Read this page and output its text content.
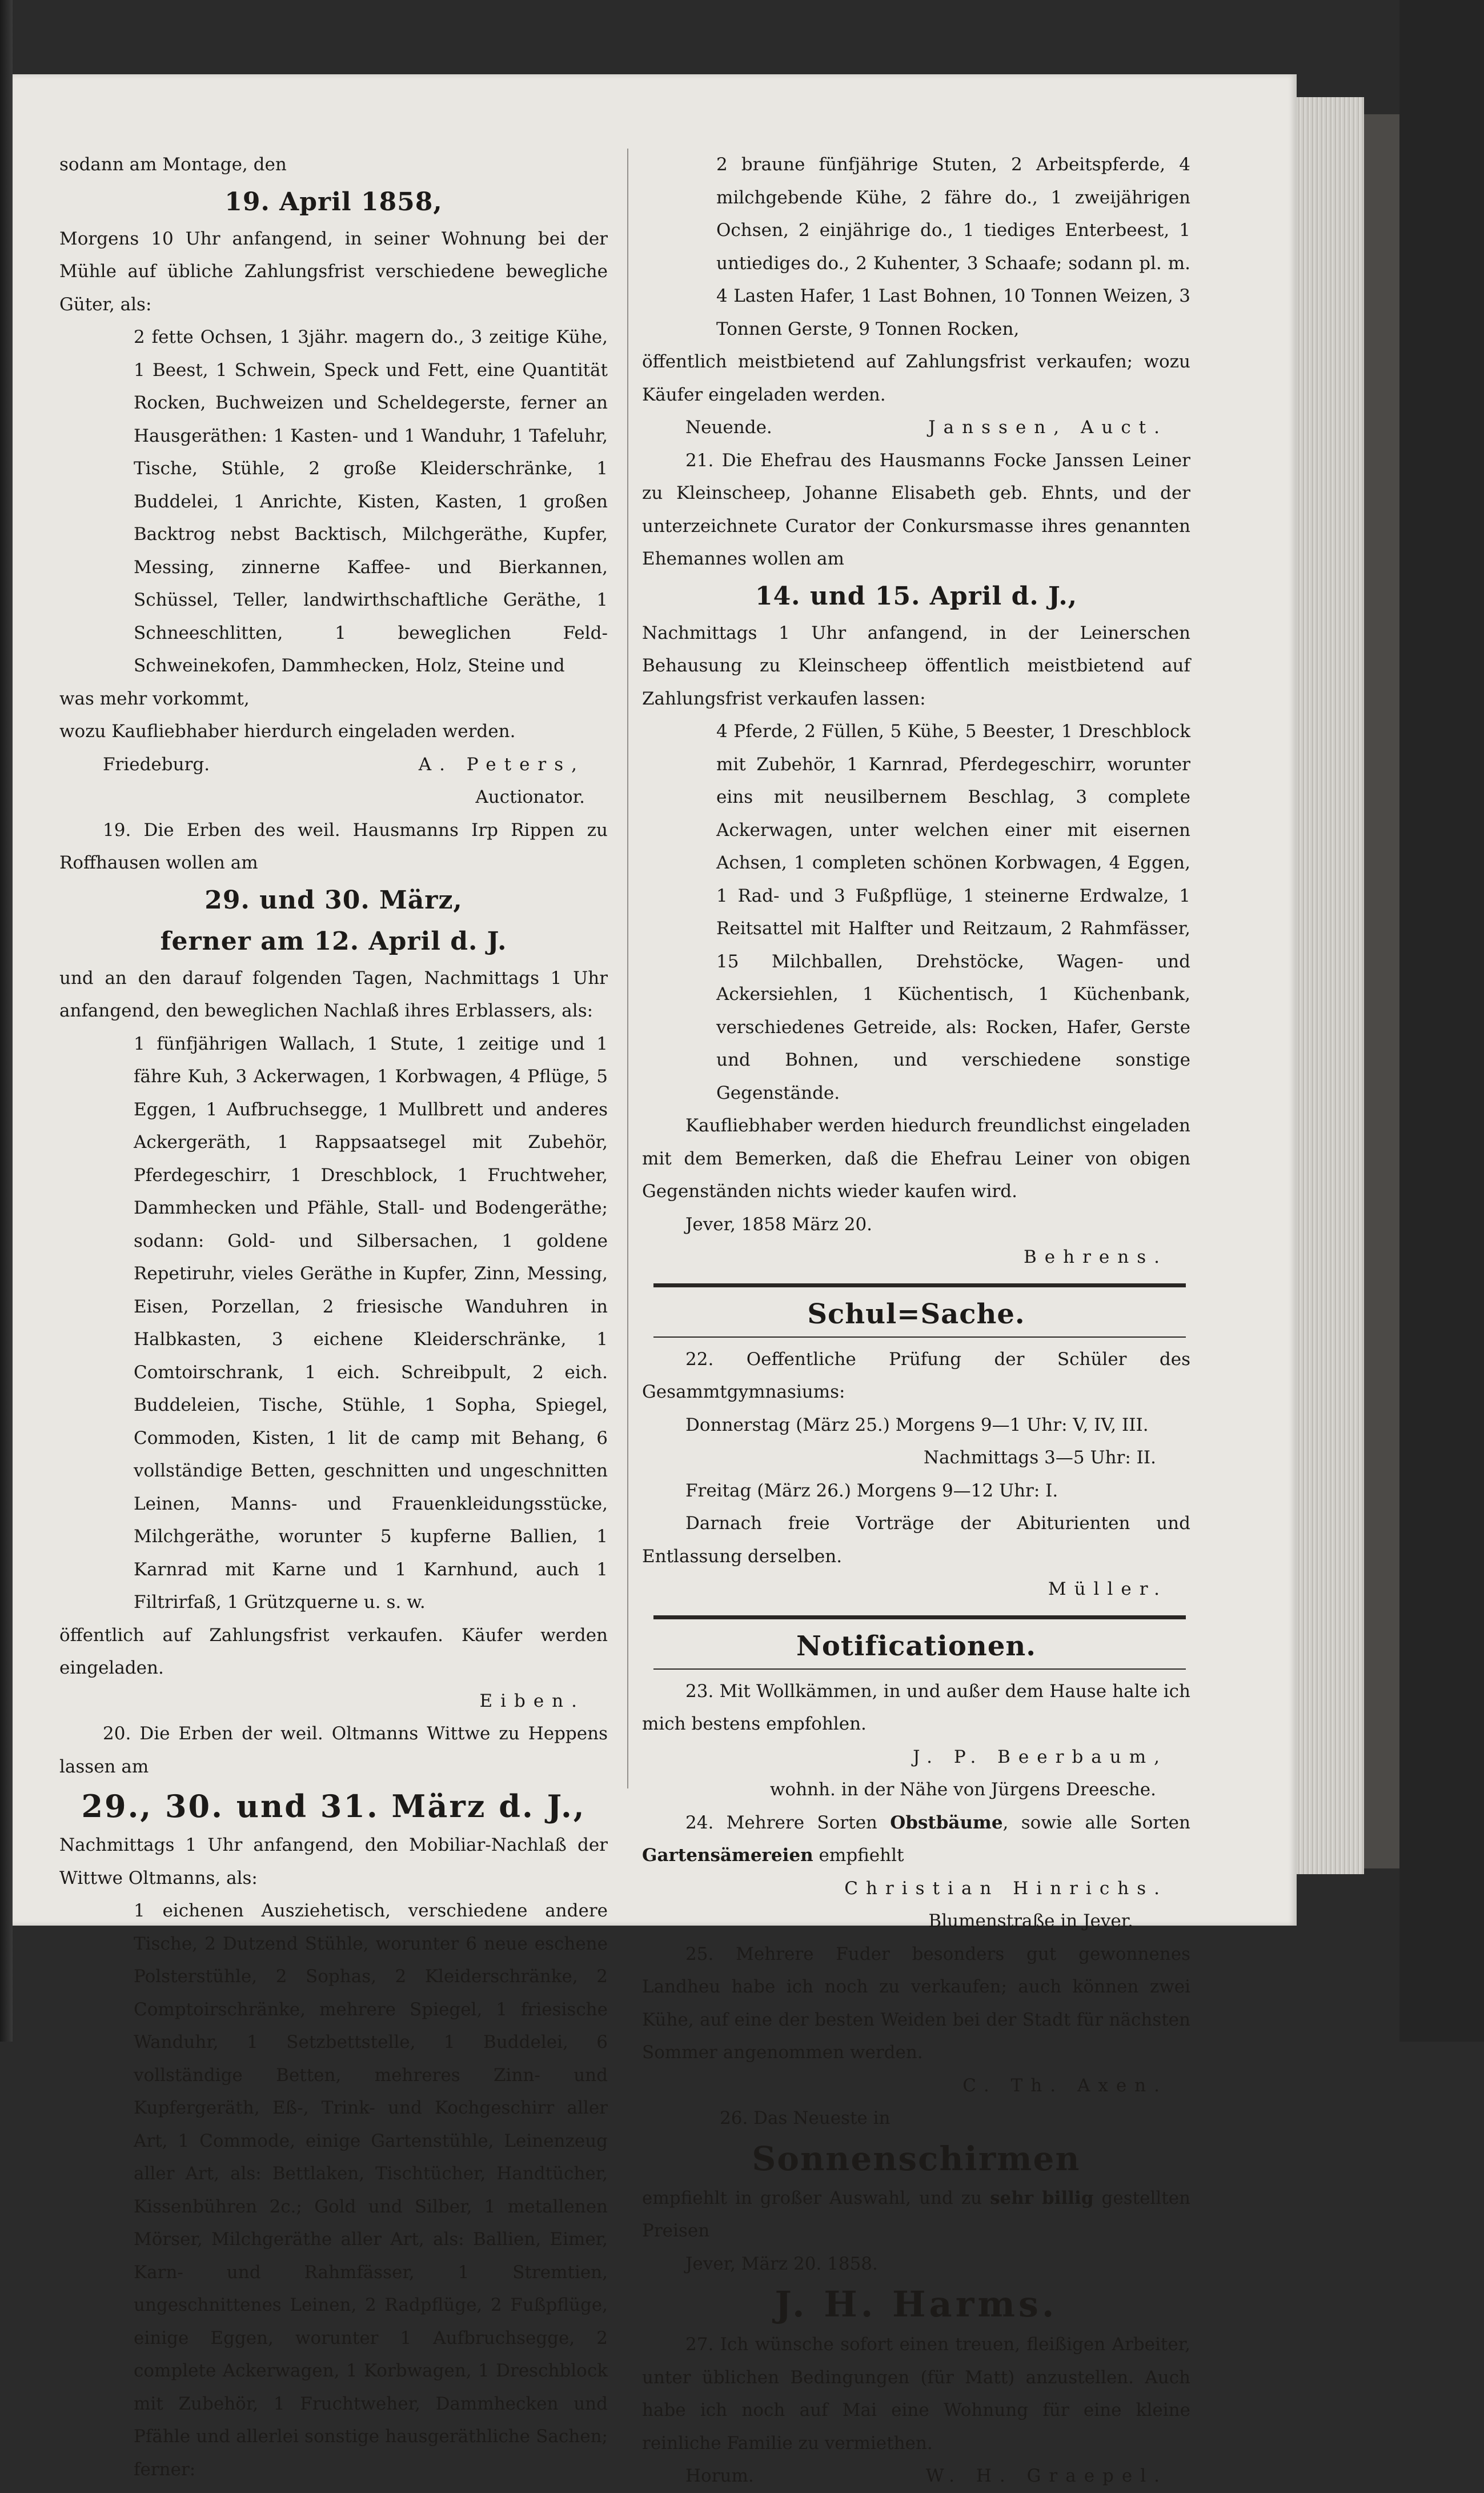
sodann am Montage, den

19. April 1858,

Morgens 10 Uhr anfangend, in seiner Wohnung bei der Mühle auf übliche Zahlungsfrist verschiedene bewegliche Güter, als:

2 fette Ochsen, 1 3jähr. magern do., 3 zeitige Kühe, 1 Beest, 1 Schwein, Speck und Fett, eine Quantität Rocken, Buchweizen und Scheldegerste, ferner an Hausgeräthen: 1 Kasten- und 1 Wanduhr, 1 Tafeluhr, Tische, Stühle, 2 große Kleiderschränke, 1 Buddelei, 1 Anrichte, Kisten, Kasten, 1 großen Backtrog nebst Backtisch, Milchgeräthe, Kupfer, Messing, zinnerne Kaffee- und Bierkannen, Schüssel, Teller, landwirthschaftliche Geräthe, 1 Schneeschlitten, 1 beweglichen Feld-Schweinekofen, Dammhecken, Holz, Steine und

was mehr vorkommt,

wozu Kaufliebhaber hierdurch eingeladen werden.

Friedeburg.	A. Peters,

Auctionator.

19. Die Erben des weil. Hausmanns Irp Rippen zu Roffhausen wollen am

29. und 30. März,

ferner am 12. April d. J.

und an den darauf folgenden Tagen, Nachmittags 1 Uhr anfangend, den beweglichen Nachlaß ihres Erblassers, als:

1 fünfjährigen Wallach, 1 Stute, 1 zeitige und 1 fähre Kuh, 3 Ackerwagen, 1 Korbwagen, 4 Pflüge, 5 Eggen, 1 Aufbruchsegge, 1 Mullbrett und anderes Ackergeräth, 1 Rappsaatsegel mit Zubehör, Pferdegeschirr, 1 Dreschblock, 1 Fruchtweher, Dammhecken und Pfähle, Stall- und Bodengeräthe; sodann: Gold- und Silbersachen, 1 goldene Repetiruhr, vieles Geräthe in Kupfer, Zinn, Messing, Eisen, Porzellan, 2 friesische Wanduhren in Halbkasten, 3 eichene Kleiderschränke, 1 Comtoirschrank, 1 eich. Schreibpult, 2 eich. Buddeleien, Tische, Stühle, 1 Sopha, Spiegel, Commoden, Kisten, 1 lit de camp mit Behang, 6 vollständige Betten, geschnitten und ungeschnitten Leinen, Manns- und Frauenkleidungsstücke, Milchgeräthe, worunter 5 kupferne Ballien, 1 Karnrad mit Karne und 1 Karnhund, auch 1 Filtrirfaß, 1 Grützquerne u. s. w.

öffentlich auf Zahlungsfrist verkaufen. Käufer werden eingeladen.

Eiben.

20. Die Erben der weil. Oltmanns Wittwe zu Heppens lassen am

29., 30. und 31. März d. J.,

Nachmittags 1 Uhr anfangend, den Mobiliar-Nachlaß der Wittwe Oltmanns, als:

1 eichenen Ausziehetisch, verschiedene andere Tische, 2 Dutzend Stühle, worunter 6 neue eschene Polsterstühle, 2 Sophas, 2 Kleiderschränke, 2 Comptoirschränke, mehrere Spiegel, 1 friesische Wanduhr, 1 Setzbettstelle, 1 Buddelei, 6 vollständige Betten, mehreres Zinn- und Kupfergeräth, Eß-, Trink- und Kochgeschirr aller Art, 1 Commode, einige Gartenstühle, Leinenzeug aller Art, als: Bettlaken, Tischtücher, Handtücher, Kissenbühren 2c.; Gold und Silber, 1 metallenen Mörser, Milchgeräthe aller Art, als: Ballien, Eimer, Karn- und Rahmfässer, 1 Stremtien, ungeschnittenes Leinen, 2 Radpflüge, 2 Fußpflüge, einige Eggen, worunter 1 Aufbruchsegge, 2 complete Ackerwagen, 1 Korbwagen, 1 Dreschblock mit Zubehör, 1 Fruchtweher, Dammhecken und Pfähle und allerlei sonstige hausgeräthliche Sachen; ferner:

2 braune fünfjährige Stuten, 2 Arbeitspferde, 4 milchgebende Kühe, 2 fähre do., 1 zweijährigen Ochsen, 2 einjährige do., 1 tiediges Enterbeest, 1 untiediges do., 2 Kuhenter, 3 Schaafe; sodann pl. m. 4 Lasten Hafer, 1 Last Bohnen, 10 Tonnen Weizen, 3 Tonnen Gerste, 9 Tonnen Rocken,

öffentlich meistbietend auf Zahlungsfrist verkaufen; wozu Käufer eingeladen werden.

Neuende.	Janssen, Auct.

21. Die Ehefrau des Hausmanns Focke Janssen Leiner zu Kleinscheep, Johanne Elisabeth geb. Ehnts, und der unterzeichnete Curator der Conkursmasse ihres genannten Ehemannes wollen am

14. und 15. April d. J.,

Nachmittags 1 Uhr anfangend, in der Leinerschen Behausung zu Kleinscheep öffentlich meistbietend auf Zahlungsfrist verkaufen lassen:

4 Pferde, 2 Füllen, 5 Kühe, 5 Beester, 1 Dreschblock mit Zubehör, 1 Karnrad, Pferdegeschirr, worunter eins mit neusilbernem Beschlag, 3 complete Ackerwagen, unter welchen einer mit eisernen Achsen, 1 completen schönen Korbwagen, 4 Eggen, 1 Rad- und 3 Fußpflüge, 1 steinerne Erdwalze, 1 Reitsattel mit Halfter und Reitzaum, 2 Rahmfässer, 15 Milchballen, Drehstöcke, Wagen- und Ackersiehlen, 1 Küchentisch, 1 Küchenbank, verschiedenes Getreide, als: Rocken, Hafer, Gerste und Bohnen, und verschiedene sonstige Gegenstände.

Kaufliebhaber werden hiedurch freundlichst eingeladen mit dem Bemerken, daß die Ehefrau Leiner von obigen Gegenständen nichts wieder kaufen wird.

Jever, 1858 März 20.

Behrens.

Schul=Sache.

22. Oeffentliche Prüfung der Schüler des Gesammtgymnasiums:

Donnerstag (März 25.) Morgens 9—1 Uhr: V, IV, III.

Nachmittags 3—5 Uhr: II.

Freitag (März 26.) Morgens 9—12 Uhr: I.

Darnach freie Vorträge der Abiturienten und Entlassung derselben.

Müller.

Notificationen.

23. Mit Wollkämmen, in und außer dem Hause halte ich mich bestens empfohlen.

J. P. Beerbaum,

wohnh. in der Nähe von Jürgens Dreesche.

24. Mehrere Sorten Obstbäume, sowie alle Sorten Gartensämereien empfiehlt

Christian Hinrichs.

Blumenstraße in Jever.

25. Mehrere Fuder besonders gut gewonnenes Landheu habe ich noch zu verkaufen; auch können zwei Kühe, auf eine der besten Weiden bei der Stadt für nächsten Sommer angenommen werden.

C. Th. Axen.

26. Das Neueste in

Sonnenschirmen

empfiehlt in großer Auswahl, und zu sehr billig gestellten Preisen

Jever, März 20. 1858.

J. H. Harms.

27. Ich wünsche sofort einen treuen, fleißigen Arbeiter, unter üblichen Bedingungen (für Matt) anzustellen. Auch habe ich noch auf Mai eine Wohnung für eine kleine reinliche Familie zu vermiethen.

Horum.	W. H. Graepel.
